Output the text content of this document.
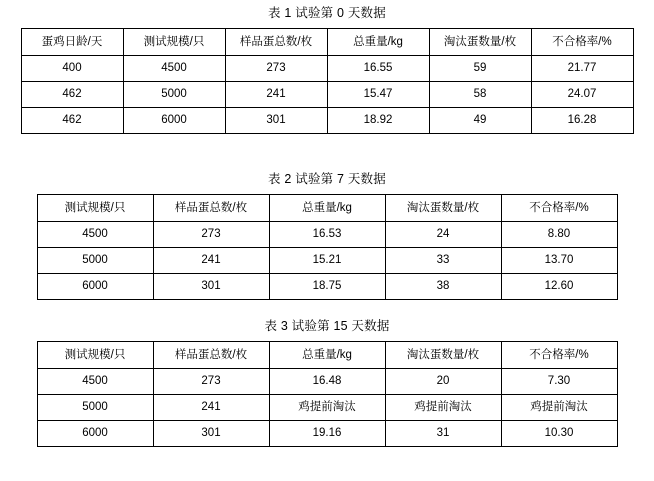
表 1 试验第 0 天数据
蛋鸡日龄/天	测试规模/只	样品蛋总数/枚	总重量/kg	淘汰蛋数量/枚	不合格率/%
400	4500	273	16.55	59	21.77
462	5000	241	15.47	58	24.07
462	6000	301	18.92	49	16.28
表 2 试验第 7 天数据
测试规模/只	样品蛋总数/枚	总重量/kg	淘汰蛋数量/枚	不合格率/%
4500	273	16.53	24	8.80
5000	241	15.21	33	13.70
6000	301	18.75	38	12.60
表 3 试验第 15 天数据
测试规模/只	样品蛋总数/枚	总重量/kg	淘汰蛋数量/枚	不合格率/%
4500	273	16.48	20	7.30
5000	241	鸡提前淘汰	鸡提前淘汰	鸡提前淘汰
6000	301	19.16	31	10.30
